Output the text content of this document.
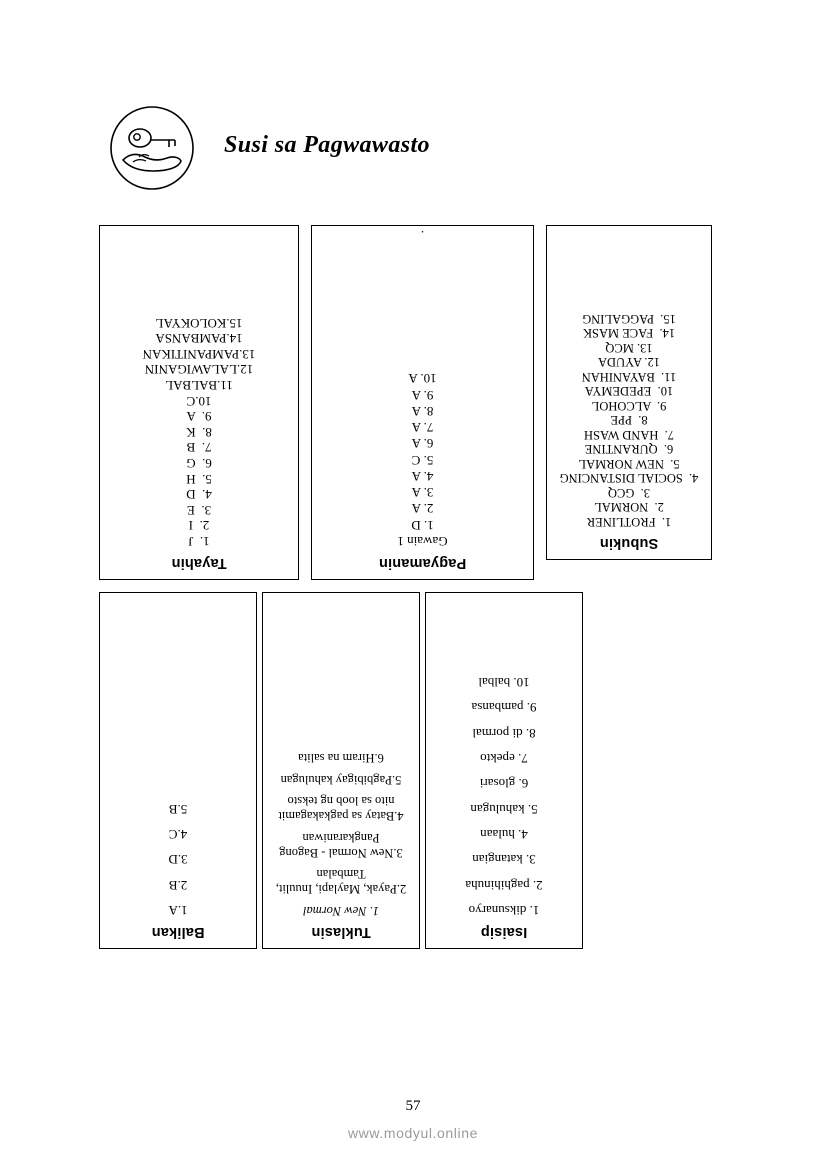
Susi sa Pagwawasto
Tayahin
1.  J
2.  I
3.  E
4.  D
5.  H
6.  G
7.  B
8.  K
9.  A
10.C
11.BALBAL
12.LALAWIGANIN
13.PAMPANITIKAN
14.PAMBANSA
15.KOLOKYAL
Pagyamanin
Gawain 1
1. D
2. A
3. A
4. A
5. C
6. A
7. A
8. A
9. A
10. A
.
Subukin
1.  FROTLINER
2.  NORMAL
3.  GCQ
4.  SOCIAL DISTANCING
5.  NEW NORMAL
6.  QURANTINE
7.  HAND WASH
8.  PPE
9.  ALCOHOL
10.  EPEDEMYA
11.  BAYANIHAN
12. AYUDA
13. MCQ
14.  FACE MASK
15.  PAGGALING
Balikan
1.A
2.B
3.D
4.C
5.B
Tuklasin
1. New Normal
2.Payak, Maylapi, Inuulit, Tambalan
3.New Normal - Bagong Pangkaraniwan
4.Batay sa pagkakagamit nito sa loob ng teksto
5.Pagbibigay kahulugan
6.Hiram na salita
Isaisip
1. diksunaryo
2. paghihinuha
3. katangian
4. hulaan
5. kahulugan
6. glosari
7. epekto
8. di pormal
9. pambansa
10. balbal
57
www.modyul.online
